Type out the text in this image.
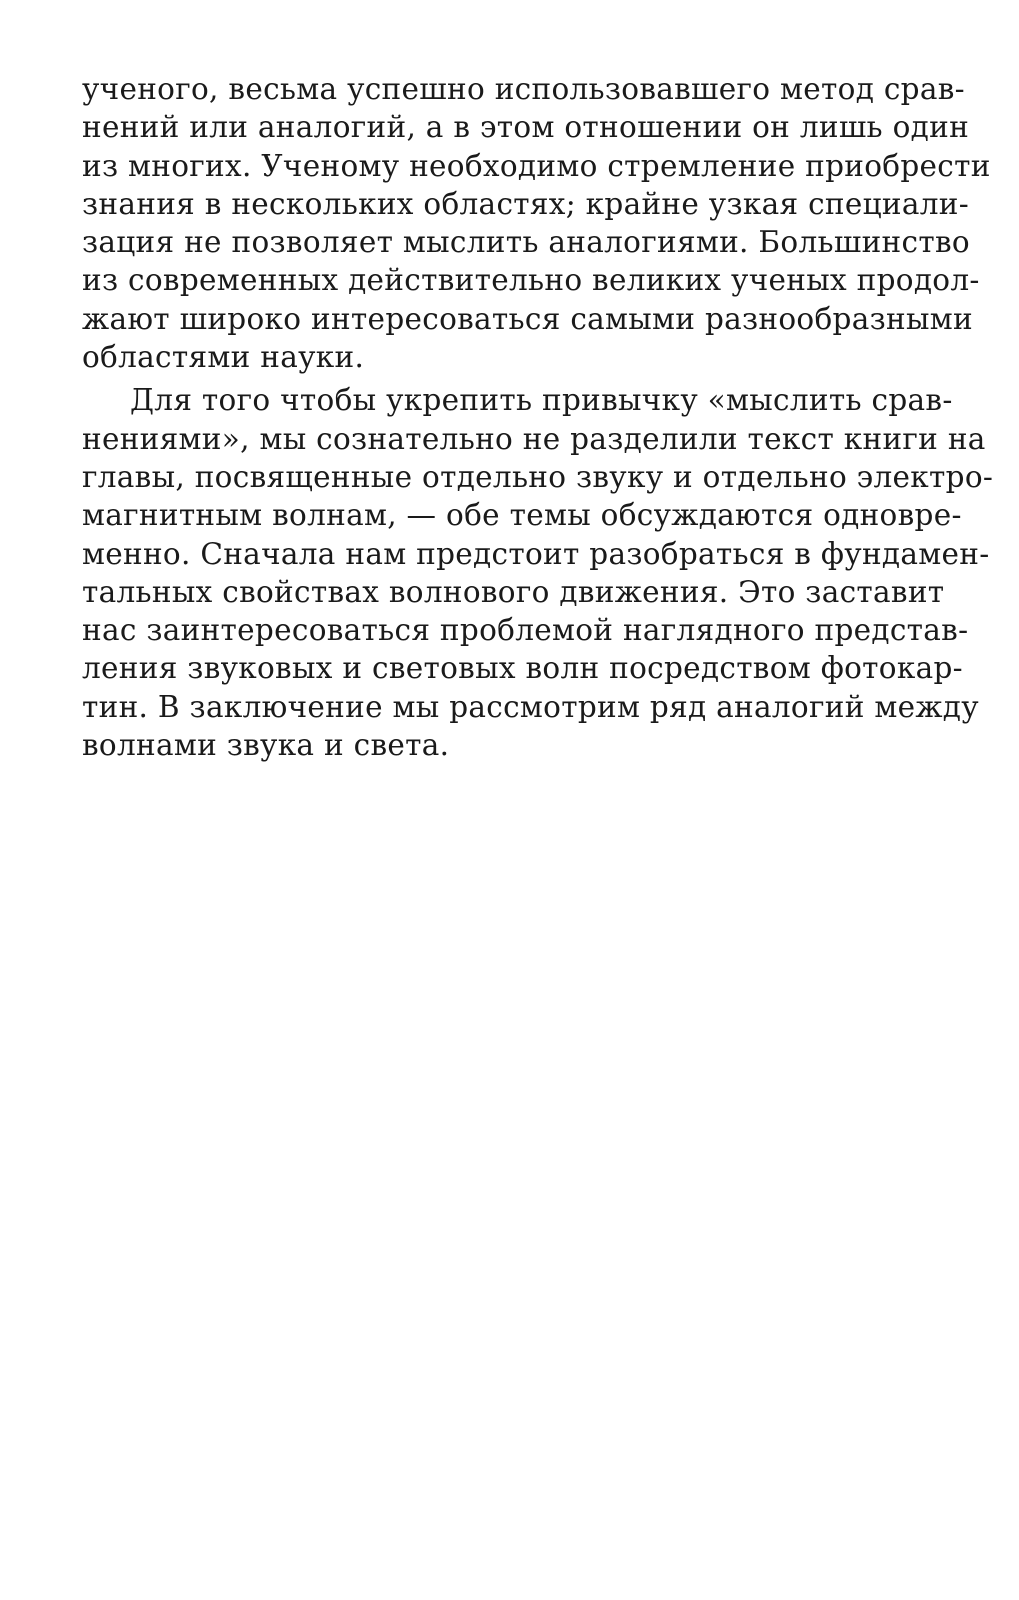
ученого, весьма успешно использовавшего метод срав-
нений или аналогий, а в этом отношении он лишь один
из многих. Ученому необходимо стремление приобрести
знания в нескольких областях; крайне узкая специали-
зация не позволяет мыслить аналогиями. Большинство
из современных действительно великих ученых продол-
жают широко интересоваться самыми разнообразными
областями науки.
Для того чтобы укрепить привычку «мыслить срав-
нениями», мы сознательно не разделили текст книги на
главы, посвященные отдельно звуку и отдельно электро-
магнитным волнам, — обе темы обсуждаются одновре-
менно. Сначала нам предстоит разобраться в фундамен-
тальных свойствах волнового движения. Это заставит
нас заинтересоваться проблемой наглядного представ-
ления звуковых и световых волн посредством фотокар-
тин. В заключение мы рассмотрим ряд аналогий между
волнами звука и света.
